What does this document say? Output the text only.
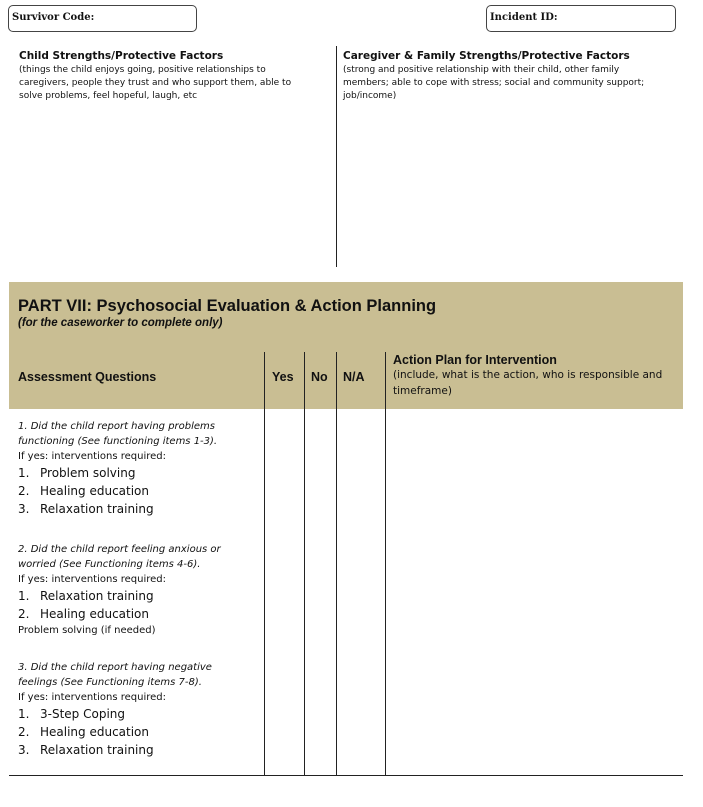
Survivor Code:	Incident ID:
Child Strengths/Protective Factors
(things the child enjoys going, positive relationships to
caregivers, people they trust and who support them, able to
solve problems, feel hopeful, laugh, etc
Caregiver & Family Strengths/Protective Factors
(strong and positive relationship with their child, other family
members; able to cope with stress; social and community support;
job/income)
PART VII: Psychosocial Evaluation & Action Planning
(for the caseworker to complete only)
Assessment Questions	Yes No N/A
Action Plan for Intervention
(include, what is the action, who is responsible and
timeframe)
1. Did the child report having problems
functioning (See functioning items 1-3).
If yes: interventions required:
1. Problem solving
2. Healing education
3. Relaxation training
2. Did the child report feeling anxious or
worried (See Functioning items 4-6).
If yes: interventions required:
1. Relaxation training
2. Healing education
Problem solving (if needed)
3. Did the child report having negative
feelings (See Functioning items 7-8).
If yes: interventions required:
1. 3-Step Coping
2. Healing education
3. Relaxation training
